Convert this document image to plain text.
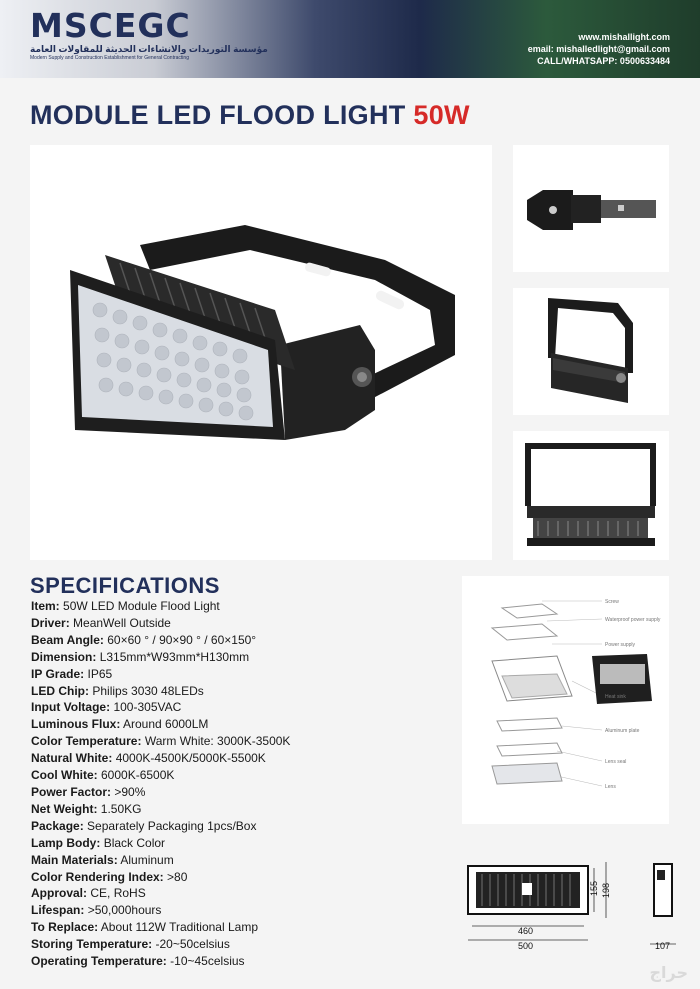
MSCEGC
مؤسسة التوريدات والانشاءات الحديثة للمقاولات العامة
Modern Supply and Construction Establishment for General Contracting
www.mishallight.com
email: mishalledlight@gmail.com
CALL/WHATSAPP: 0500633484
MODULE LED FLOOD LIGHT 50W
SPECIFICATIONS
Item: 50W LED Module Flood Light
Driver: MeanWell Outside
Beam Angle: 60×60 ° / 90×90 ° / 60×150°
Dimension: L315mm*W93mm*H130mm
IP Grade: IP65
LED Chip: Philips 3030 48LEDs
Input Voltage: 100-305VAC
Luminous Flux: Around 6000LM
Color Temperature: Warm White: 3000K-3500K
Natural White: 4000K-4500K/5000K-5500K
Cool White: 6000K-6500K
Power Factor: >90%
Net Weight: 1.50KG
Package: Separately Packaging 1pcs/Box
Lamp Body: Black Color
Main Materials: Aluminum
Color Rendering Index: >80
Approval: CE, RoHS
Lifespan: >50,000hours
To Replace: About 112W Traditional Lamp
Storing Temperature: -20~50celsius
Operating Temperature: -10~45celsius
Screw
Waterproof power supply
Power supply
Heat sink
Aluminum plate
Lens seal
Lens
460
500
155 198
107
حراج
